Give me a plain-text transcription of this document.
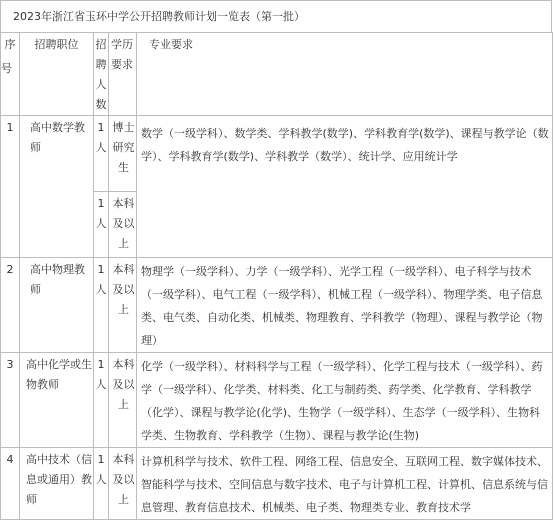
2023年浙江省玉环中学公开招聘教师计划一览表（第一批）
序
号	招聘职位	招聘人数	学历要求	专业要求

1	高中数学教师	1人	博士研究生	数学（一级学科）、数学类、学科教学(数学)、学科教育学(数学)、课程与教学论（数学）、学科教育学(数学)、学科教学（数学）、统计学、应用统计学

		1人	本科及以上	

2	高中物理教师	1人	本科及以上	物理学（一级学科）、力学（一级学科）、光学工程（一级学科）、电子科学与技术（一级学科）、电气工程（一级学科）、机械工程（一级学科）、物理学类、电子信息类、电气类、自动化类、机械类、物理教育、学科教学（物理）、课程与教学论（物理）

3	高中化学或生物教师	1人	本科及以上	化学（一级学科）、材料科学与工程（一级学科）、化学工程与技术（一级学科）、药学（一级学科）、化学类、材料类、化工与制药类、药学类、化学教育、学科教学（化学）、课程与教学论(化学)、生物学（一级学科）、生态学（一级学科）、生物科学类、生物教育、学科教学（生物）、课程与教学论(生物)

4	高中技术（信息或通用）教师	1人	本科及以上	计算机科学与技术、软件工程、网络工程、信息安全、互联网工程、数字媒体技术、智能科学与技术、空间信息与数字技术、电子与计算机工程、计算机、信息系统与信息管理、教育信息技术、机械类、电子类、物理类专业、教育技术学
